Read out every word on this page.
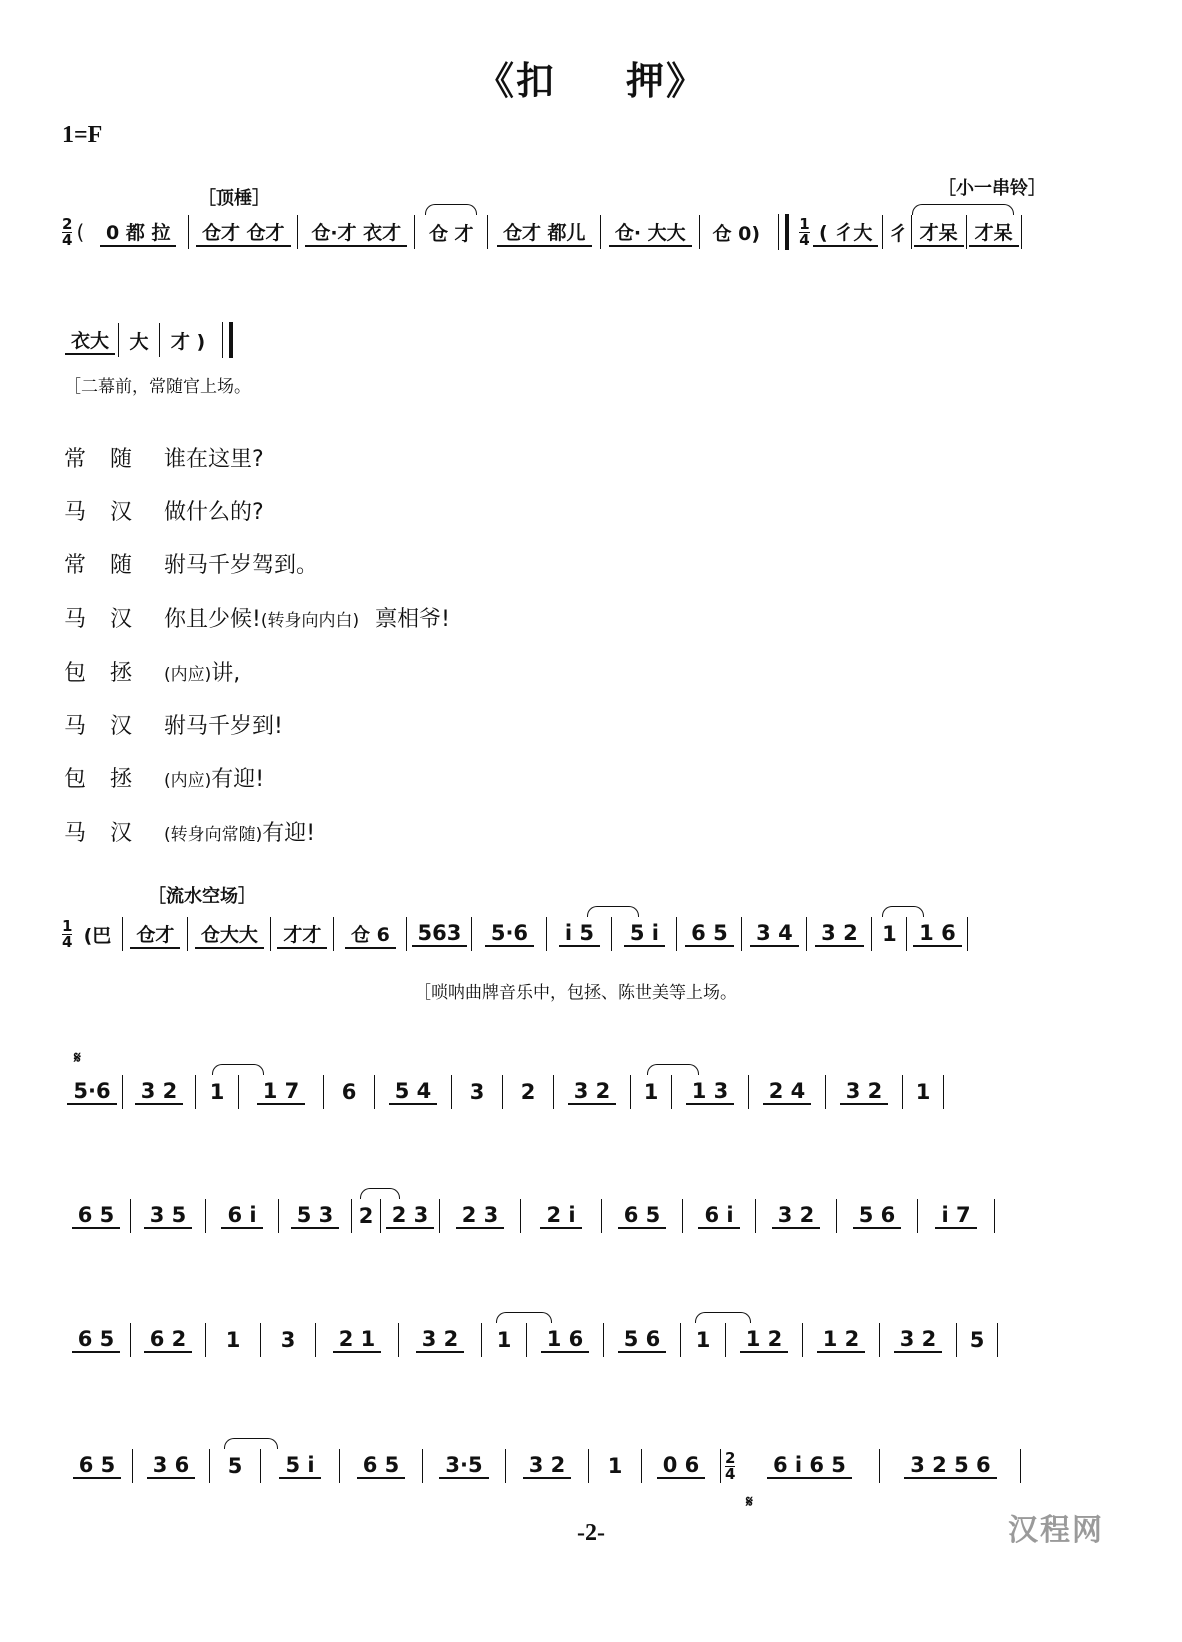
《扣 押》
1=F
［顶棰］	［小一串铃］
2
4 (	0 都 拉	仓才 仓才	仓·才 衣才	仓 才	仓才 都儿	仓· 大大	仓 0)	1
4 ( 彳大 彳 才呆 才呆
衣大	大	才 )
［二幕前，常随官上场。
常随 谁在这里?
马汉 做什么的?
常随 驸马千岁驾到。
马汉 你且少候!(转身向内白) 禀相爷!
包拯 (内应)讲,
马汉 驸马千岁到!
包拯 (内应)有迎!
马汉 (转身向常随)有迎!
［流水空场］
1
4 (巴	仓才	仓大大	才才	仓 6 563 5·6 i 5 5 i 6 5 3 4 3 2 1 1 6
［唢呐曲牌音乐中，包拯、陈世美等上场。
𝄋
5·6 3 2 1 1 7 6 5 4 3 2 3 2 1 1 3 2 4 3 2 1
6 5 3 5 6 i 5 3 2 2 3 2 3 2 i 6 5 6 i 3 2 5 6 i 7
6 5 6 2 1 3 2 1 3 2 1 1 6 5 6 1 1 2 1 2 3 2 5
6 5 3 6 5 5 i 6 5 3·5 3 2 1 0 6	2
4 6 i 6 5	3 2 5 6
𝄋
-2-	汉程网
